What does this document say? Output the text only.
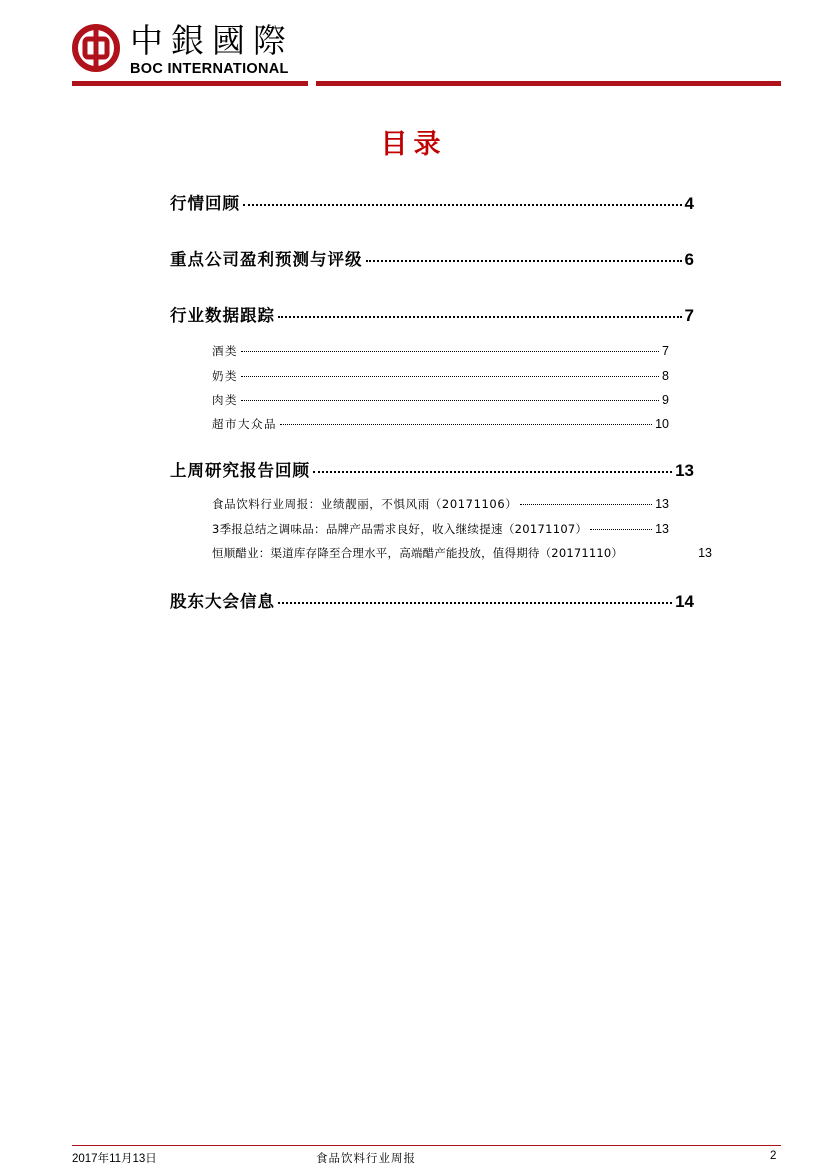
中銀國際
BOC INTERNATIONAL
目录
行情回顾	4
重点公司盈利预测与评级	6
行业数据跟踪	7
酒类	7
奶类	8
肉类	9
超市大众品	10
上周研究报告回顾	13
食品饮料行业周报：业绩靓丽，不惧风雨（20171106）	13
3季报总结之调味品：品牌产品需求良好，收入继续提速（20171107）	13
恒顺醋业：渠道库存降至合理水平，高端醋产能投放，值得期待（20171110）	13
股东大会信息	14
2017年11月13日	食品饮料行业周报	2
